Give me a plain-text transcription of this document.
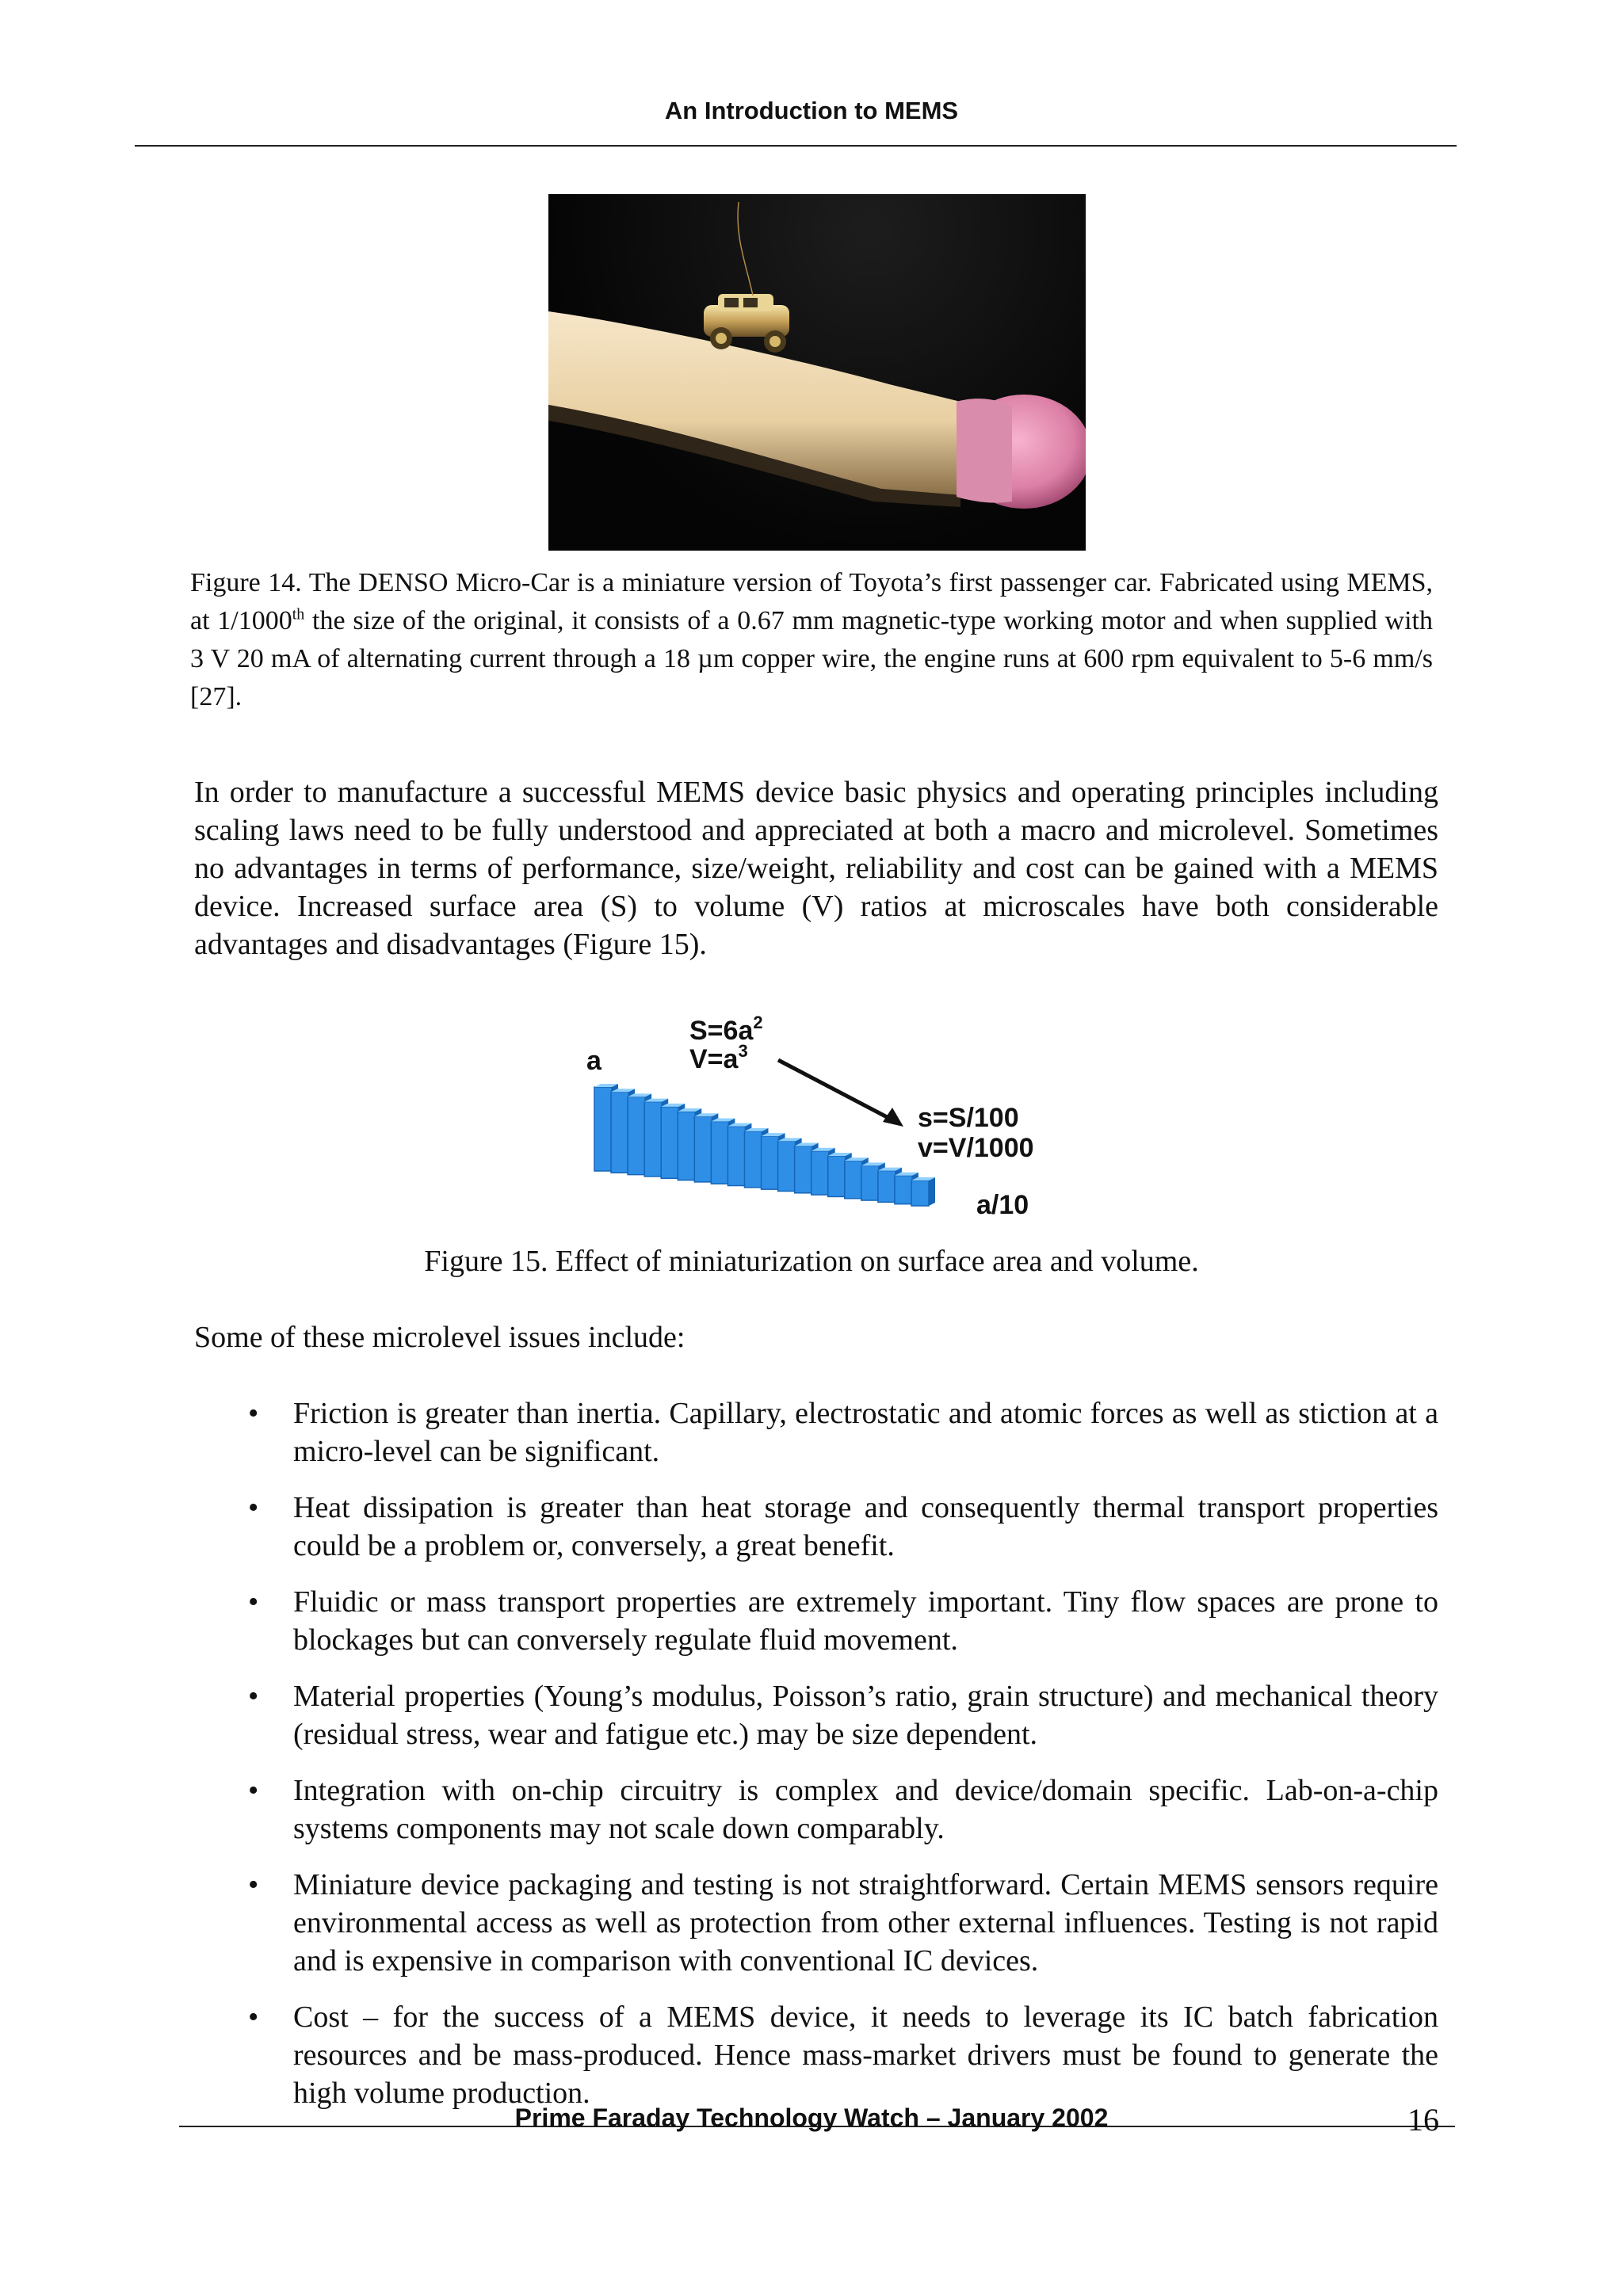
An Introduction to MEMS
Figure 14. The DENSO Micro-Car is a miniature version of Toyota’s first passenger car. Fabricated using MEMS, at 1/1000th the size of the original, it consists of a 0.67 mm magnetic-type working motor and when supplied with 3 V 20 mA of alternating current through a 18 µm copper wire, the engine runs at 600 rpm equivalent to 5-6 mm/s [27].
In order to manufacture a successful MEMS device basic physics and operating principles including scaling laws need to be fully understood and appreciated at both a macro and microlevel. Sometimes no advantages in terms of performance, size/weight, reliability and cost can be gained with a MEMS device. Increased surface area (S) to volume (V) ratios at microscales have both considerable advantages and disadvantages (Figure 15).
a
$S=6a^2$
$V=a^3$
s=S/100
v=V/1000
a/10
Figure 15. Effect of miniaturization on surface area and volume.
Some of these microlevel issues include:
• Friction is greater than inertia. Capillary, electrostatic and atomic forces as well as stiction at a micro-level can be significant.
• Heat dissipation is greater than heat storage and consequently thermal transport properties could be a problem or, conversely, a great benefit.
• Fluidic or mass transport properties are extremely important. Tiny flow spaces are prone to blockages but can conversely regulate fluid movement.
• Material properties (Young’s modulus, Poisson’s ratio, grain structure) and mechanical theory (residual stress, wear and fatigue etc.) may be size dependent.
• Integration with on-chip circuitry is complex and device/domain specific. Lab-on-a-chip systems components may not scale down comparably.
• Miniature device packaging and testing is not straightforward. Certain MEMS sensors require environmental access as well as protection from other external influences. Testing is not rapid and is expensive in comparison with conventional IC devices.
• Cost – for the success of a MEMS device, it needs to leverage its IC batch fabrication resources and be mass-produced. Hence mass-market drivers must be found to generate the high volume production.
Prime Faraday Technology Watch – January 2002	16
